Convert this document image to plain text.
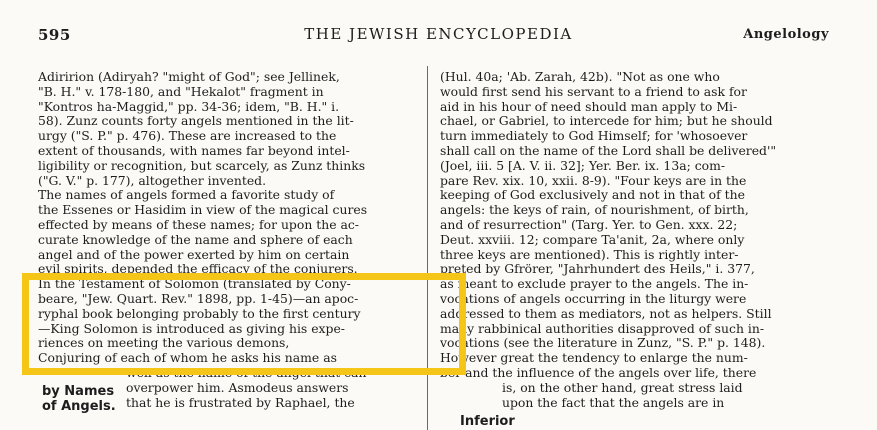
595	THE JEWISH ENCYCLOPEDIA	Angelology
Adiririon (Adiryah? "might of God"; see Jellinek,
"B. H." v. 178-180, and "Hekalot" fragment in
"Kontros ha-Maggid," pp. 34-36; idem, "B. H." i.
58). Zunz counts forty angels mentioned in the lit-
urgy ("S. P." p. 476). These are increased to the
extent of thousands, with names far beyond intel-
ligibility or recognition, but scarcely, as Zunz thinks
("G. V." p. 177), altogether invented.
The names of angels formed a favorite study of
the Essenes or Hasidim in view of the magical cures
effected by means of these names; for upon the ac-
curate knowledge of the name and sphere of each
angel and of the power exerted by him on certain
evil spirits, depended the efficacy of the conjurers.
In the Testament of Solomon (translated by Cony-
beare, "Jew. Quart. Rev." 1898, pp. 1-45)—an apoc-
ryphal book belonging probably to the first century
—King Solomon is introduced as giving his expe-
riences on meeting the various demons,
Conjuring of each of whom he asks his name as
well as the name of the angel that can
overpower him. Asmodeus answers
that he is frustrated by Raphael, the
(Hul. 40a; 'Ab. Zarah, 42b). "Not as one who
would first send his servant to a friend to ask for
aid in his hour of need should man apply to Mi-
chael, or Gabriel, to intercede for him; but he should
turn immediately to God Himself; for 'whosoever
shall call on the name of the Lord shall be delivered'"
(Joel, iii. 5 [A. V. ii. 32]; Yer. Ber. ix. 13a; com-
pare Rev. xix. 10, xxii. 8-9). "Four keys are in the
keeping of God exclusively and not in that of the
angels: the keys of rain, of nourishment, of birth,
and of resurrection" (Targ. Yer. to Gen. xxx. 22;
Deut. xxviii. 12; compare Ta'anit, 2a, where only
three keys are mentioned). This is rightly inter-
preted by Gfrörer, "Jahrhundert des Heils," i. 377,
as meant to exclude prayer to the angels. The in-
vocations of angels occurring in the liturgy were
addressed to them as mediators, not as helpers. Still
many rabbinical authorities disapproved of such in-
vocations (see the literature in Zunz, "S. P." p. 148).
However great the tendency to enlarge the num-
ber and the influence of the angels over life, there
is, on the other hand, great stress laid
upon the fact that the angels are in
by Names
of Angels.
Inferior
